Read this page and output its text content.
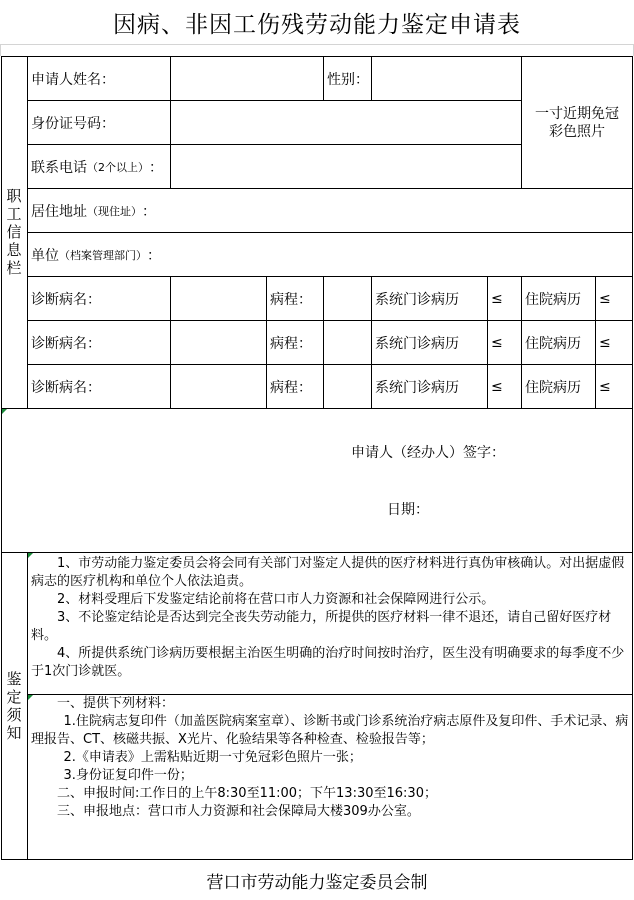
因病、非因工伤残劳动能力鉴定申请表
职
工
信
息
栏
鉴
定
须
知
申请人姓名：	性别：
一寸近期免冠
彩色照片
身份证号码：
联系电话 （2个以上） ：
居住地址 （现住址） ：
单位 （档案管理部门） ：
诊断病名：	病程：	系统门诊病历 ≤ 住院病历 ≤
诊断病名：	病程：	系统门诊病历 ≤ 住院病历 ≤
诊断病名：	病程：	系统门诊病历 ≤ 住院病历 ≤
申请人（经办人）签字：
日期：

1、市劳动能力鉴定委员会将会同有关部门对鉴定人提供的医疗材料进行真伪审核确认。对出据虚假病志的医疗机构和单位个人依法追责。

2、材料受理后下发鉴定结论前将在营口市人力资源和社会保障网进行公示。

3、不论鉴定结论是否达到完全丧失劳动能力，所提供的医疗材料一律不退还，请自己留好医疗材料。

4、所提供系统门诊病历要根据主治医生明确的治疗时间按时治疗，医生没有明确要求的每季度不少于1次门诊就医。

一、提供下列材料：

1.住院病志复印件（加盖医院病案室章）、诊断书或门诊系统治疗病志原件及复印件、手术记录、病理报告、CT、核磁共振、X光片、化验结果等各种检查、检验报告等；

2.《申请表》上需粘贴近期一寸免冠彩色照片一张；

3.身份证复印件一份；

二、申报时间:工作日的上午8:30至11:00；下午13:30至16:30；

三、申报地点：营口市人力资源和社会保障局大楼309办公室。

营口市劳动能力鉴定委员会制
